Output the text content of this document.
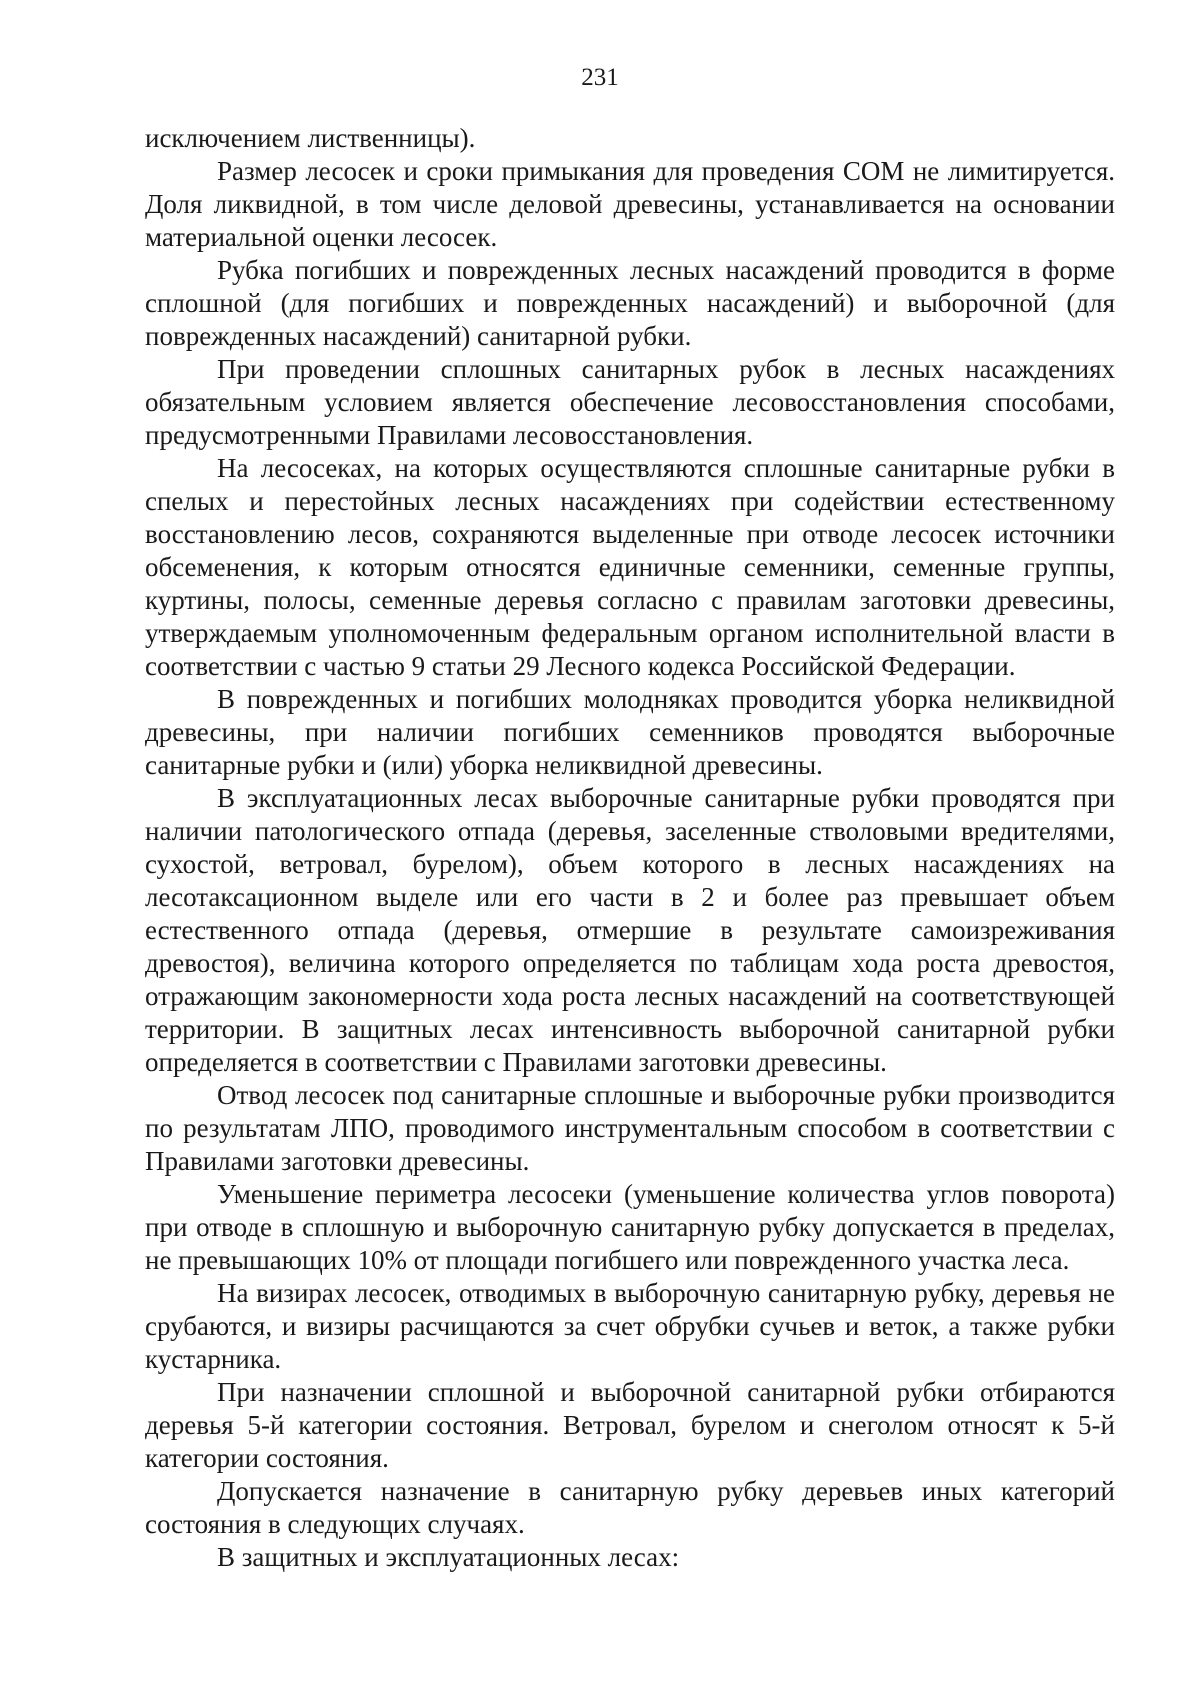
231

исключением лиственницы).

Размер лесосек и сроки примыкания для проведения СОМ не лимитируется. Доля ликвидной, в том числе деловой древесины, устанавливается на основании материальной оценки лесосек.

Рубка погибших и поврежденных лесных насаждений проводится в форме сплошной (для погибших и поврежденных насаждений) и выборочной (для поврежденных насаждений) санитарной рубки.

При проведении сплошных санитарных рубок в лесных насаждениях обязательным условием является обеспечение лесовосстановления способами, предусмотренными Правилами лесовосстановления.

На лесосеках, на которых осуществляются сплошные санитарные рубки в спелых и перестойных лесных насаждениях при содействии естественному восстановлению лесов, сохраняются выделенные при отводе лесосек источники обсеменения, к которым относятся единичные семенники, семенные группы, куртины, полосы, семенные деревья согласно с правилам заготовки древесины, утверждаемым уполномоченным федеральным органом исполнительной власти в соответствии с частью 9 статьи 29 Лесного кодекса Российской Федерации.

В поврежденных и погибших молодняках проводится уборка неликвидной древесины, при наличии погибших семенников проводятся выборочные санитарные рубки и (или) уборка неликвидной древесины.

В эксплуатационных лесах выборочные санитарные рубки проводятся при наличии патологического отпада (деревья, заселенные стволовыми вредителями, сухостой, ветровал, бурелом), объем которого в лесных насаждениях на лесотаксационном выделе или его части в 2 и более раз превышает объем естественного отпада (деревья, отмершие в результате самоизреживания древостоя), величина которого определяется по таблицам хода роста древостоя, отражающим закономерности хода роста лесных насаждений на соответствующей территории. В защитных лесах интенсивность выборочной санитарной рубки определяется в соответствии с Правилами заготовки древесины.

Отвод лесосек под санитарные сплошные и выборочные рубки производится по результатам ЛПО, проводимого инструментальным способом в соответствии с Правилами заготовки древесины.

Уменьшение периметра лесосеки (уменьшение количества углов поворота) при отводе в сплошную и выборочную санитарную рубку допускается в пределах, не превышающих 10% от площади погибшего или поврежденного участка леса.

На визирах лесосек, отводимых в выборочную санитарную рубку, деревья не срубаются, и визиры расчищаются за счет обрубки сучьев и веток, а также рубки кустарника.

При назначении сплошной и выборочной санитарной рубки отбираются деревья 5-й категории состояния. Ветровал, бурелом и снеголом относят к 5-й категории состояния.

Допускается назначение в санитарную рубку деревьев иных категорий состояния в следующих случаях.

В защитных и эксплуатационных лесах:
